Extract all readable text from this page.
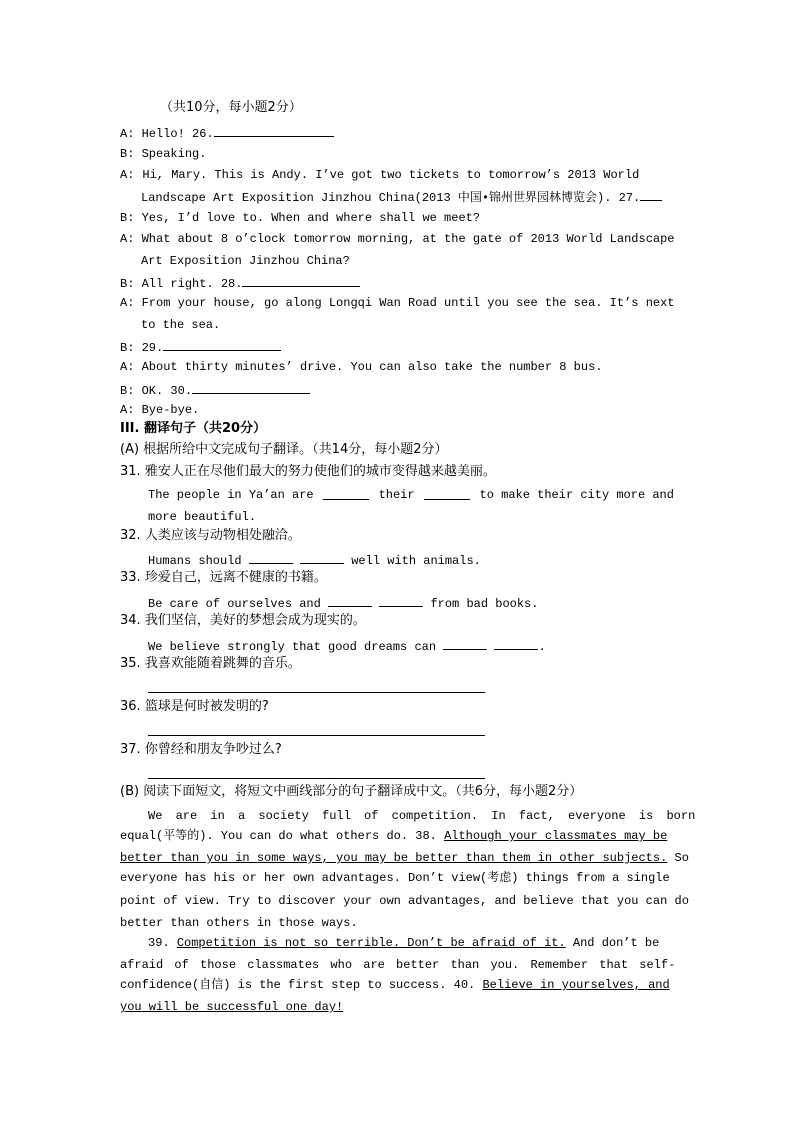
（共10分，每小题2分）
A: Hello! 26.
B: Speaking.
A: Hi, Mary. This is Andy. I’ve got two tickets to tomorrow’s 2013 World
Landscape Art Exposition Jinzhou China(2013 中国•锦州世界园林博览会). 27.
B: Yes, I’d love to. When and where shall we meet?
A: What about 8 o’clock tomorrow morning, at the gate of 2013 World Landscape
Art Exposition Jinzhou China?
B: All right. 28.
A: From your house, go along Longqi Wan Road until you see the sea. It’s next
to the sea.
B: 29.
A: About thirty minutes’ drive. You can also take the number 8 bus.
B: OK. 30.
A: Bye-bye.
III. 翻译句子（共20分）
(A) 根据所给中文完成句子翻译。（共14分，每小题2分）
31. 雅安人正在尽他们最大的努力使他们的城市变得越来越美丽。
The people in Ya’an are	their	to make their city more and
more beautiful.
32. 人类应该与动物相处融洽。
Humans should	well with animals.
33. 珍爱自己，远离不健康的书籍。
Be care of ourselves and	from bad books.
34. 我们坚信，美好的梦想会成为现实的。
We believe strongly that good dreams can	.
35. 我喜欢能随着跳舞的音乐。
36. 篮球是何时被发明的?
37. 你曾经和朋友争吵过么?
(B) 阅读下面短文，将短文中画线部分的句子翻译成中文。（共6分，每小题2分）
We are in a society full of competition. In fact, everyone is born
equal(平等的). You can do what others do. 38. Although your classmates may be
better than you in some ways, you may be better than them in other subjects. So
everyone has his or her own advantages. Don’t view(考虑) things from a single
point of view. Try to discover your own advantages, and believe that you can do
better than others in those ways.
39. Competition is not so terrible. Don’t be afraid of it. And don’t be
afraid of those classmates who are better than you. Remember that self-
confidence(自信) is the first step to success. 40. Believe in yourselves, and
you will be successful one day!
